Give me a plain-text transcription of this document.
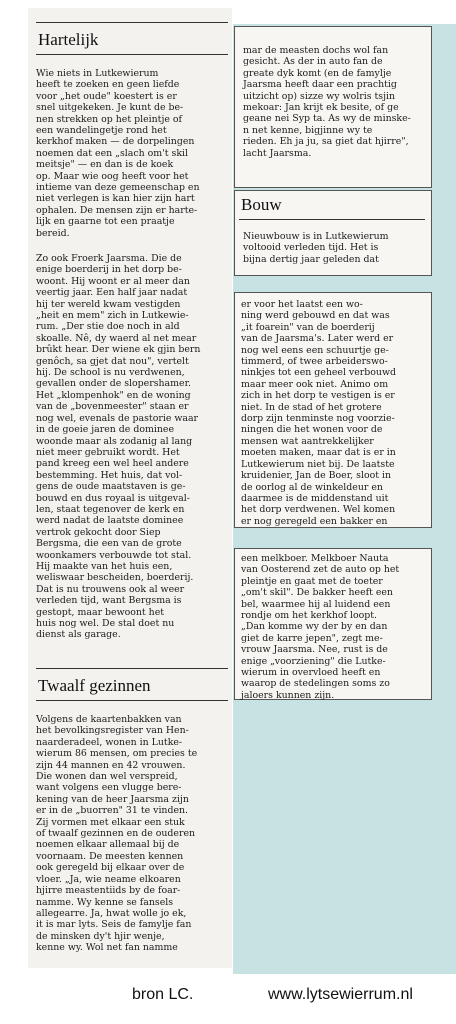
Hartelijk

Wie niets in Lutkewierum
heeft te zoeken en geen liefde
voor „het oude" koestert is er
snel uitgekeken. Je kunt de be-
nen strekken op het pleintje of
een wandelingetje rond het
kerkhof maken — de dorpelingen
noemen dat een „slach om't skil
meitsje" — en dan is de koek
op. Maar wie oog heeft voor het
intieme van deze gemeenschap en
niet verlegen is kan hier zijn hart
ophalen. De mensen zijn er harte-
lijk en gaarne tot een praatje
bereid.

Zo ook Froerk Jaarsma. Die de
enige boerderij in het dorp be-
woont. Hij woont er al meer dan
veertig jaar. Een half jaar nadat
hij ter wereld kwam vestigden
„heit en mem" zich in Lutkewie-
rum. „Der stie doe noch in ald
skoalle. Nê, dy waerd al net mear
brûkt hear. Der wiene ek gjin bern
genôch, sa gjet dat nou", vertelt
hij. De school is nu verdwenen,
gevallen onder de slopershamer.
Het „klompenhok" en de woning
van de „bovenmeester" staan er
nog wel, evenals de pastorie waar
in de goeie jaren de dominee
woonde maar als zodanig al lang
niet meer gebruikt wordt. Het
pand kreeg een wel heel andere
bestemming. Het huis, dat vol-
gens de oude maatstaven is ge-
bouwd en dus royaal is uitgeval-
len, staat tegenover de kerk en
werd nadat de laatste dominee
vertrok gekocht door Siep
Bergsma, die een van de grote
woonkamers verbouwde tot stal.
Hij maakte van het huis een,
weliswaar bescheiden, boerderij.
Dat is nu trouwens ook al weer
verleden tijd, want Bergsma is
gestopt, maar bewoont het
huis nog wel. De stal doet nu
dienst als garage.

Twaalf gezinnen

Volgens de kaartenbakken van
het bevolkingsregister van Hen-
naarderadeel, wonen in Lutke-
wierum 86 mensen, om precies te
zijn 44 mannen en 42 vrouwen.
Die wonen dan wel verspreid,
want volgens een vlugge bere-
kening van de heer Jaarsma zijn
er in de „buorren" 31 te vinden.
Zij vormen met elkaar een stuk
of twaalf gezinnen en de ouderen
noemen elkaar allemaal bij de
voornaam. De meesten kennen
ook geregeld bij elkaar over de
vloer. „Ja, wie neame elkoaren
hjirre meastentiids by de foar-
namme. Wy kenne se fansels
allegearre. Ja, hwat wolle jo ek,
it is mar lyts. Seis de famylje fan
de minsken dy't hjir wenje,
kenne wy. Wol net fan namme

mar de measten dochs wol fan
gesicht. As der in auto fan de
greate dyk komt (en de famylje
Jaarsma heeft daar een prachtig
uitzicht op) sizze wy wolris tsjin
mekoar: Jan krijt ek besite, of ge
geane nei Syp ta. As wy de minske-
n net kenne, bigjinne wy te
rieden. Eh ja ju, sa giet dat hjirre",
lacht Jaarsma.

Bouw

Nieuwbouw is in Lutkewierum
voltooid verleden tijd. Het is
bijna dertig jaar geleden dat

er voor het laatst een wo-
ning werd gebouwd en dat was
„it foarein" van de boerderij
van de Jaarsma's. Later werd er
nog wel eens een schuurtje ge-
timmerd, of twee arbeiderswo-
ninkjes tot een geheel verbouwd
maar meer ook niet. Animo om
zich in het dorp te vestigen is er
niet. In de stad of het grotere
dorp zijn tenminste nog voorzie-
ningen die het wonen voor de
mensen wat aantrekkelijker
moeten maken, maar dat is er in
Lutkewierum niet bij. De laatste
kruidenier, Jan de Boer, sloot in
de oorlog al de winkeldeur en
daarmee is de middenstand uit
het dorp verdwenen. Wel komen
er nog geregeld een bakker en

een melkboer. Melkboer Nauta
van Oosterend zet de auto op het
pleintje en gaat met de toeter
„om't skil". De bakker heeft een
bel, waarmee hij al luidend een
rondje om het kerkhof loopt.
„Dan komme wy der by en dan
giet de karre jepen", zegt me-
vrouw Jaarsma. Nee, rust is de
enige „voorziening" die Lutke-
wierum in overvloed heeft en
waarop de stedelingen soms zo
jaloers kunnen zijn.

bron LC.	www.lytsewierrum.nl
